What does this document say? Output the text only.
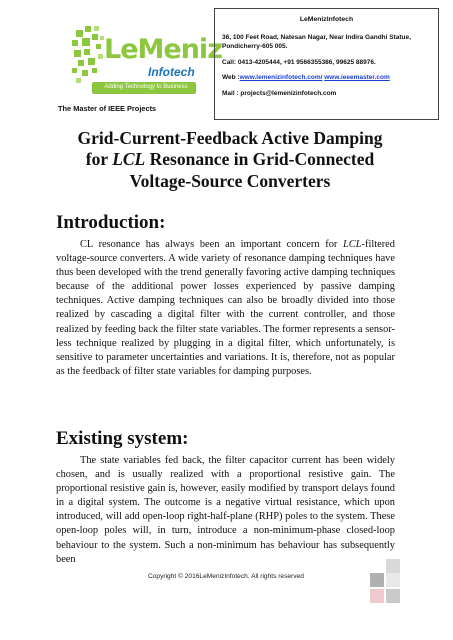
LeMeniz
Infotech
Adding Technology to Business
The Master of IEEE Projects
LeMenizInfotech
36, 100 Feet Road, Natesan Nagar, Near Indira Gandhi Statue,
Pondicherry-605 005.
Call: 0413-4205444, +91 9566355386, 99625 88976.
Web :www.lemenizinfotech.com/ www.ieeemaster.com
Mail : projects@lemenizinfotech.com
Grid-Current-Feedback Active Damping
for LCL Resonance in Grid-Connected
Voltage-Source Converters
Introduction:

CL resonance has always been an important concern for LCL-filtered voltage-source converters. A wide variety of resonance damping techniques have thus been developed with the trend generally favoring active damping techniques because of the additional power losses experienced by passive damping techniques. Active damping techniques can also be broadly divided into those realized by cascading a digital filter with the current controller, and those realized by feeding back the filter state variables. The former represents a sensor-less technique realized by plugging in a digital filter, which unfortunately, is sensitive to parameter uncertainties and variations. It is, therefore, not as popular as the feedback of filter state variables for damping purposes.

Existing system:

The state variables fed back, the filter capacitor current has been widely chosen, and is usually realized with a proportional resistive gain. The proportional resistive gain is, however, easily modified by transport delays found in a digital system. The outcome is a negative virtual resistance, which upon introduced, will add open-loop right-half-plane (RHP) poles to the system. These open-loop poles will, in turn, introduce a non-minimum-phase closed-loop behaviour to the system. Such a non-minimum has behaviour has subsequently been

Copyright © 2016LeMenizInfotech. All rights reserved
